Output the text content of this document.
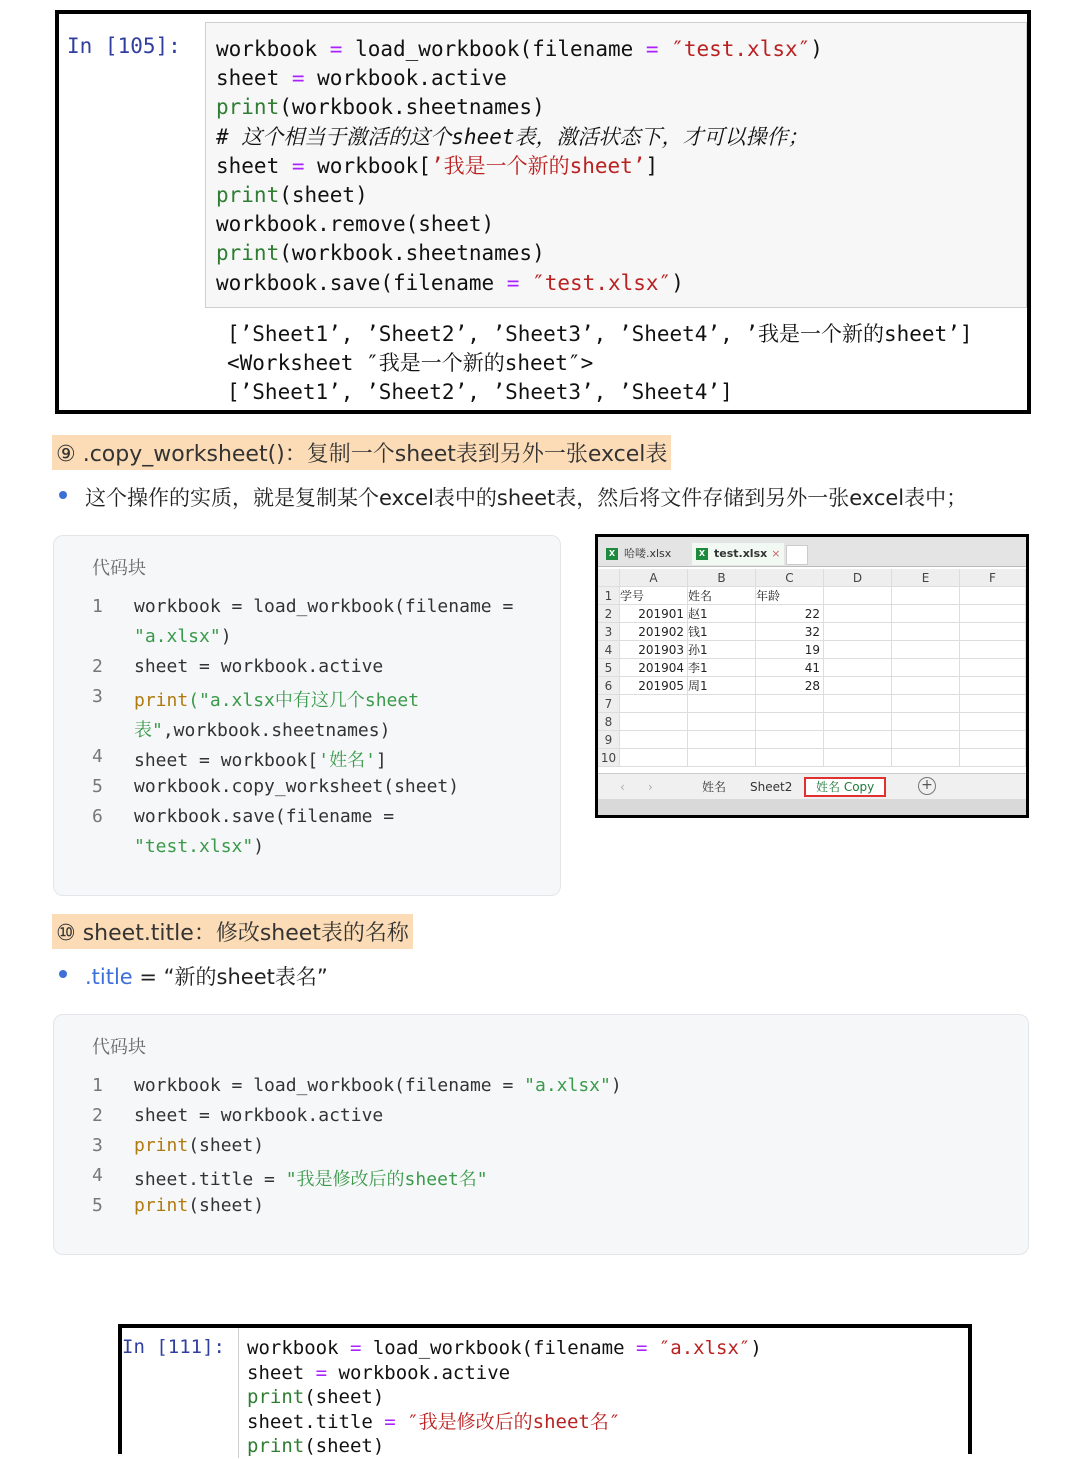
In [105]: workbook = load_workbook(filename = ″test.xlsx″)
sheet = workbook.active
print(workbook.sheetnames)
# 这个相当于激活的这个sheet表，激活状态下，才可以操作；
sheet = workbook[’我是一个新的sheet’]
print(sheet)
workbook.remove(sheet)
print(workbook.sheetnames)
workbook.save(filename = ″test.xlsx″)
[’Sheet1’, ’Sheet2’, ’Sheet3’, ’Sheet4’, ’我是一个新的sheet’]
<Worksheet ″我是一个新的sheet″>
[’Sheet1’, ’Sheet2’, ’Sheet3’, ’Sheet4’]
⑨ .copy_worksheet()：复制一个sheet表到另外一张excel表
这个操作的实质，就是复制某个excel表中的sheet表，然后将文件存储到另外一张excel表中；
代码块
1	workbook = load_workbook(filename =
"a.xlsx")
2	sheet = workbook.active
3	print("a.xlsx中有这几个sheet
表",workbook.sheetnames)
4	sheet = workbook['姓名']
5	workbook.copy_worksheet(sheet)
6	workbook.save(filename =
"test.xlsx")
X 哈喽.xlsx	X test.xlsx ×
A	B	C	D	E	F
1 学号	姓名	年龄
2	201901 赵1	22
3	201902 钱1	32
4	201903 孙1	19
5	201904 李1	41
6	201905 周1	28
7
8
9
10
‹ ›	姓名 Sheet2	姓名 Copy	+
⑩ sheet.title：修改sheet表的名称
.title = “新的sheet表名”
代码块
1	workbook = load_workbook(filename = "a.xlsx")
2	sheet = workbook.active
3	print(sheet)
4	sheet.title = "我是修改后的sheet名"
5	print(sheet)
In [111]: workbook = load_workbook(filename = ″a.xlsx″)
sheet = workbook.active
print(sheet)
sheet.title = ″我是修改后的sheet名″
print(sheet)
